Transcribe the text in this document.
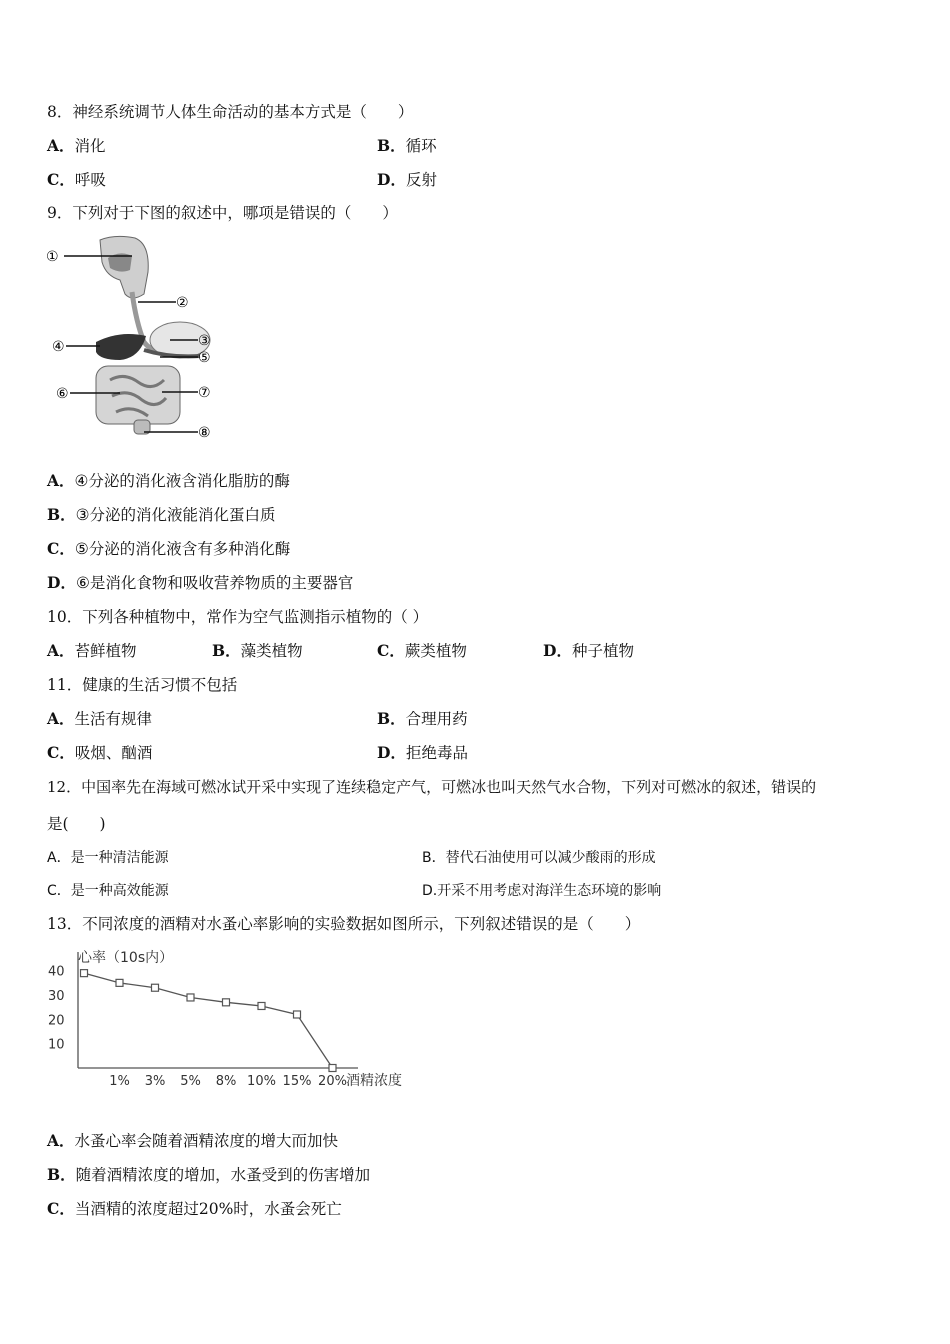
8．神经系统调节人体生命活动的基本方式是（　　）
A．消化	B．循环
C．呼吸	D．反射
9．下列对于下图的叙述中，哪项是错误的（　　）
①
②
③
④
⑤
⑥	⑦
⑧
A．④分泌的消化液含消化脂肪的酶
B．③分泌的消化液能消化蛋白质
C．⑤分泌的消化液含有多种消化酶
D．⑥是消化食物和吸收营养物质的主要器官
10．下列各种植物中，常作为空气监测指示植物的（ ）
A．苔鲜植物	B．藻类植物	C．蕨类植物	D．种子植物
11．健康的生活习惯不包括
A．生活有规律	B．合理用药
C．吸烟、酗酒	D．拒绝毒品
12．中国率先在海域可燃冰试开采中实现了连续稳定产气，可燃冰也叫天然气水合物，下列对可燃冰的叙述，错误的
是(　　)
A．是一种清洁能源	B．替代石油使用可以减少酸雨的形成
C．是一种高效能源	D.开采不用考虑对海洋生态环境的影响
13．不同浓度的酒精对水蚤心率影响的实验数据如图所示，下列叙述错误的是（　　）
心率（10s内）
酒精浓度
10
20
30
40
1% 3% 5% 8% 10% 15% 20%
A．水蚤心率会随着酒精浓度的增大而加快
B．随着酒精浓度的增加，水蚤受到的伤害增加
C．当酒精的浓度超过20%时，水蚤会死亡
